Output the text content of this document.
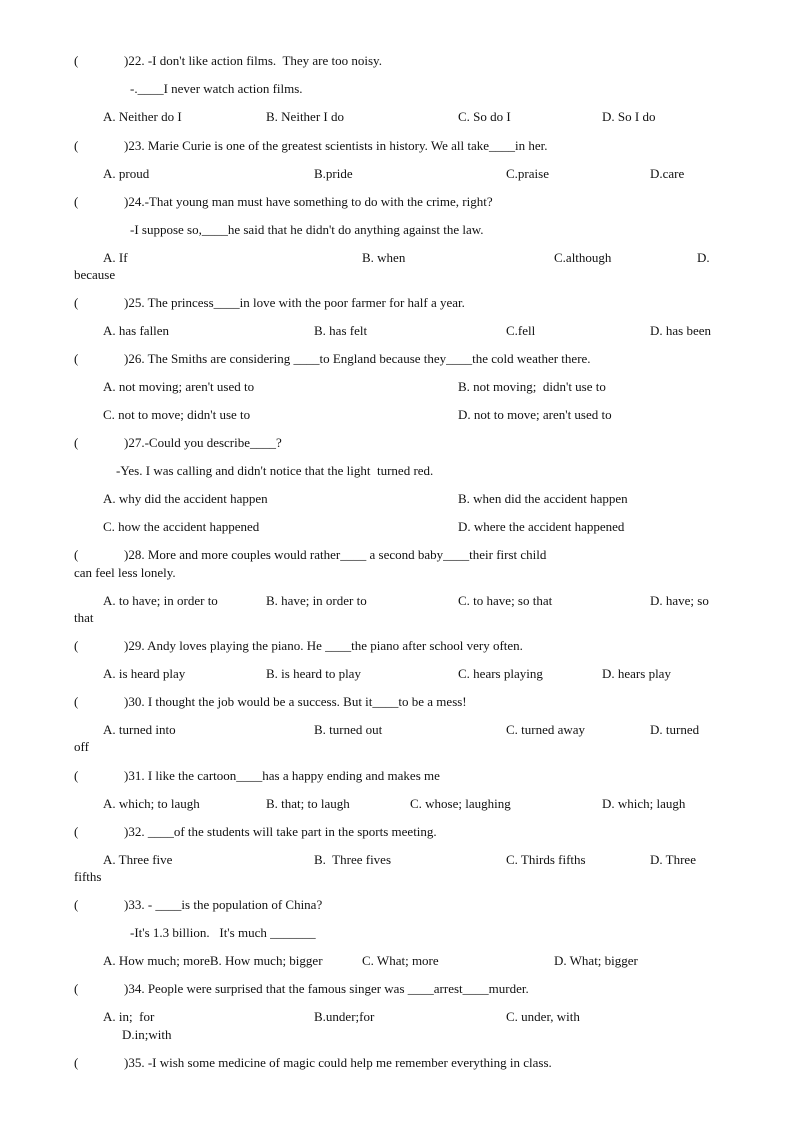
(	)22. -I don't like action films.  They are too noisy.
-.____I never watch action films.
A. Neither do I	B. Neither I do	C. So do I	D. So I do
(	)23. Marie Curie is one of the greatest scientists in history. We all take____in her.
A. proud	B.pride	C.praise	D.care
(	)24.-That young man must have something to do with the crime, right?
-I suppose so,____he said that he didn't do anything against the law.
A. If	B. when	C.although	D.
because
(	)25. The princess____in love with the poor farmer for half a year.
A. has fallen	B. has felt	C.fell	D. has been
(	)26. The Smiths are considering ____to England because they____the cold weather there.
A. not moving; aren't used to	B. not moving;  didn't use to
C. not to move; didn't use to	D. not to move; aren't used to
(	)27.-Could you describe____?
-Yes. I was calling and didn't notice that the light  turned red.
A. why did the accident happen	B. when did the accident happen
C. how the accident happened	D. where the accident happened
(	)28. More and more couples would rather____ a second baby____their first child
can feel less lonely.
A. to have; in order to	B. have; in order to	C. to have; so that	D. have; so
that
(	)29. Andy loves playing the piano. He ____the piano after school very often.
A. is heard play	B. is heard to play	C. hears playing	D. hears play
(	)30. I thought the job would be a success. But it____to be a mess!
A. turned into	B. turned out	C. turned away	D. turned
off
(	)31. I like the cartoon____has a happy ending and makes me
A. which; to laugh	B. that; to laugh	C. whose; laughing	D. which; laugh
(	)32. ____of the students will take part in the sports meeting.
A. Three five	B.  Three fives	C. Thirds fifths	D. Three
fifths
(	)33. - ____is the population of China?
-It's 1.3 billion.   It's much _______
A. How much; moreB. How much; bigger	C. What; more	D. What; bigger
(	)34. People were surprised that the famous singer was ____arrest____murder.
A. in;  for	B.under;for	C. under, with
D.in;with
(	)35. -I wish some medicine of magic could help me remember everything in class.
